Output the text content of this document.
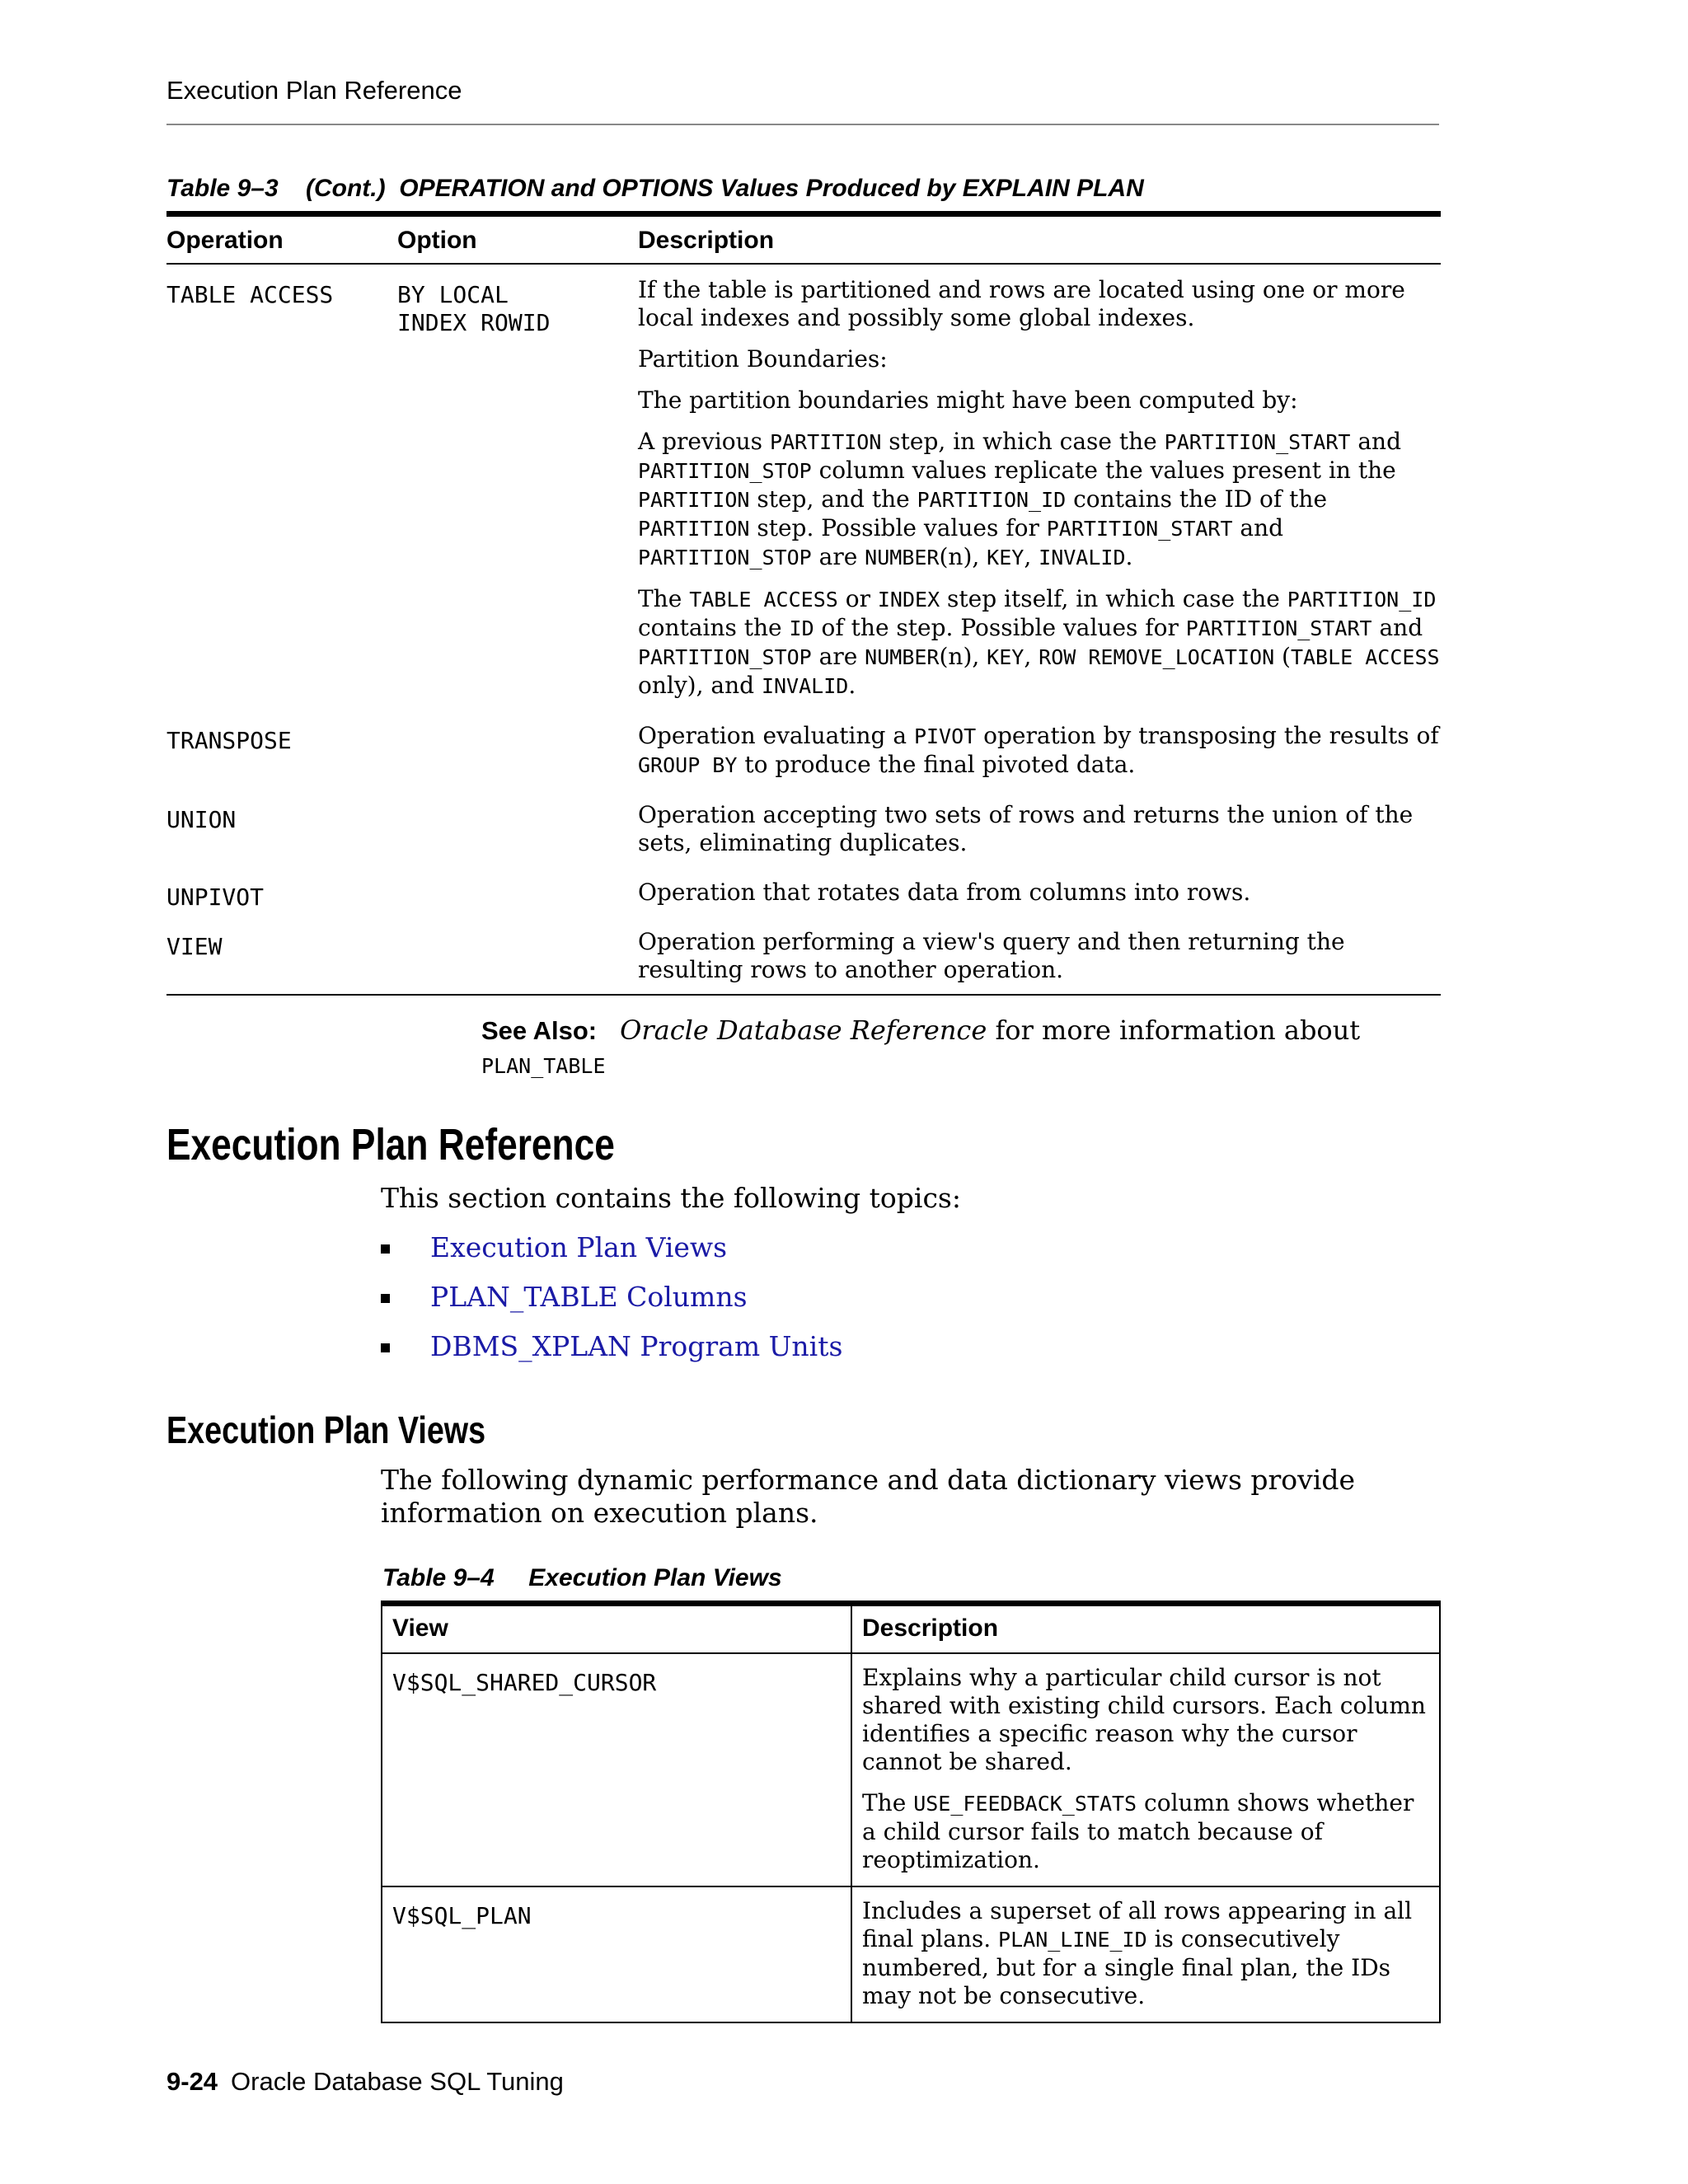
Execution Plan Reference
Table 9–3    (Cont.)  OPERATION and OPTIONS Values Produced by EXPLAIN PLAN
Operation	Option	Description
TABLE ACCESS	BY LOCAL INDEX ROWID	If the table is partitioned and rows are located using one or more local indexes and possibly some global indexes.
Partition Boundaries:
The partition boundaries might have been computed by:
A previous PARTITION step, in which case the PARTITION_START and PARTITION_STOP column values replicate the values present in the PARTITION step, and the PARTITION_ID contains the ID of the PARTITION step. Possible values for PARTITION_START and PARTITION_STOP are NUMBER(n), KEY, INVALID.
The TABLE ACCESS or INDEX step itself, in which case the PARTITION_ID contains the ID of the step. Possible values for PARTITION_START and PARTITION_STOP are NUMBER(n), KEY, ROW REMOVE_LOCATION (TABLE ACCESS only), and INVALID.

TRANSPOSE		Operation evaluating a PIVOT operation by transposing the results of GROUP BY to produce the final pivoted data.

UNION		Operation accepting two sets of rows and returns the union of the sets, eliminating duplicates.

UNPIVOT		Operation that rotates data from columns into rows.

VIEW		Operation performing a view's query and then returning the resulting rows to another operation.
See Also: Oracle Database Reference for more information about
PLAN_TABLE
Execution Plan Reference
This section contains the following topics:
Execution Plan Views
PLAN_TABLE Columns
DBMS_XPLAN Program Units
Execution Plan Views
The following dynamic performance and data dictionary views provide information on execution plans.
Table 9–4     Execution Plan Views
View	Description
V$SQL_SHARED_CURSOR	Explains why a particular child cursor is not shared with existing child cursors. Each column identifies a specific reason why the cursor cannot be shared.
The USE_FEEDBACK_STATS column shows whether a child cursor fails to match because of reoptimization.

V$SQL_PLAN	Includes a superset of all rows appearing in all final plans. PLAN_LINE_ID is consecutively numbered, but for a single final plan, the IDs may not be consecutive.
9-24 Oracle Database SQL Tuning
